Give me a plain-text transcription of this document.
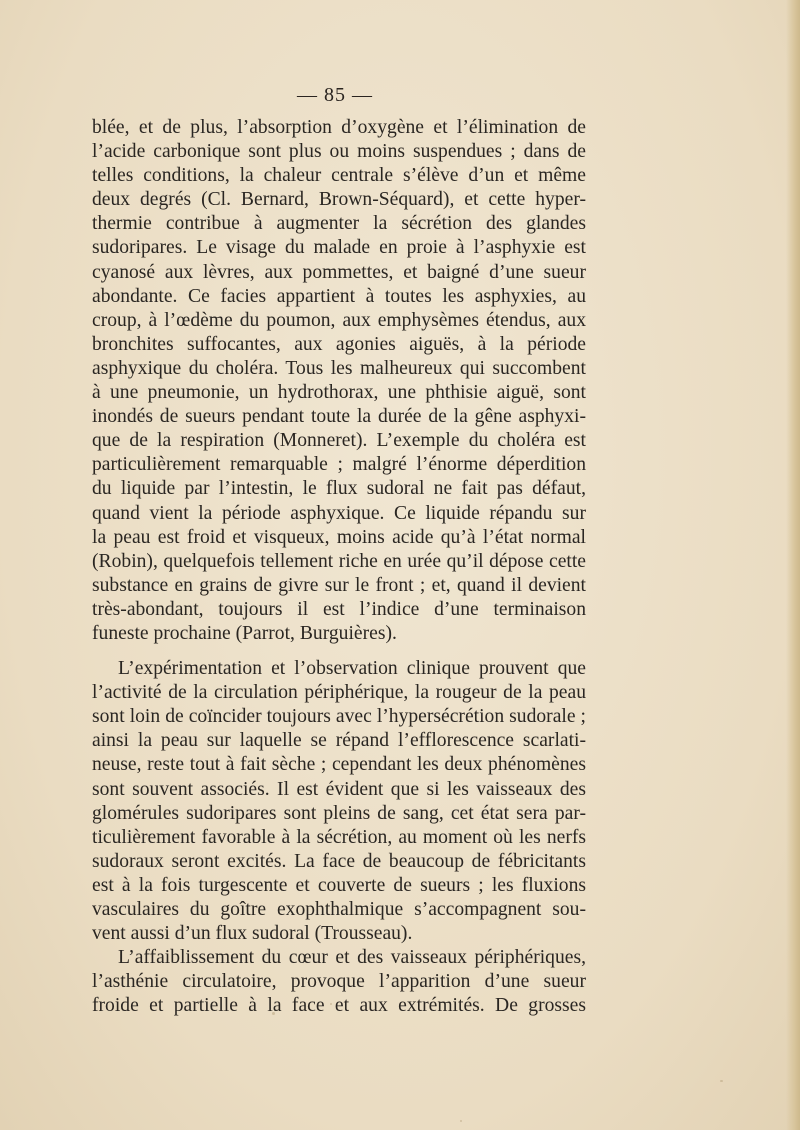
— 85 —
blée, et de plus, l’absorption d’oxygène et l’élimination de
l’acide carbonique sont plus ou moins suspendues ; dans de
telles conditions, la chaleur centrale s’élève d’un et même
deux degrés (Cl. Bernard, Brown-Séquard), et cette hyper-
thermie contribue à augmenter la sécrétion des glandes
sudoripares. Le visage du malade en proie à l’asphyxie est
cyanosé aux lèvres, aux pommettes, et baigné d’une sueur
abondante. Ce facies appartient à toutes les asphyxies, au
croup, à l’œdème du poumon, aux emphysèmes étendus, aux
bronchites suffocantes, aux agonies aiguës, à la période
asphyxique du choléra. Tous les malheureux qui succombent
à une pneumonie, un hydrothorax, une phthisie aiguë, sont
inondés de sueurs pendant toute la durée de la gêne asphyxi-
que de la respiration (Monneret). L’exemple du choléra est
particulièrement remarquable ; malgré l’énorme déperdition
du liquide par l’intestin, le flux sudoral ne fait pas défaut,
quand vient la période asphyxique. Ce liquide répandu sur
la peau est froid et visqueux, moins acide qu’à l’état normal
(Robin), quelquefois tellement riche en urée qu’il dépose cette
substance en grains de givre sur le front ; et, quand il devient
très-abondant, toujours il est l’indice d’une terminaison
funeste prochaine (Parrot, Burguières).
L’expérimentation et l’observation clinique prouvent que
l’activité de la circulation périphérique, la rougeur de la peau
sont loin de coïncider toujours avec l’hypersécrétion sudorale ;
ainsi la peau sur laquelle se répand l’efflorescence scarlati-
neuse, reste tout à fait sèche ; cependant les deux phénomènes
sont souvent associés. Il est évident que si les vaisseaux des
glomérules sudoripares sont pleins de sang, cet état sera par-
ticulièrement favorable à la sécrétion, au moment où les nerfs
sudoraux seront excités. La face de beaucoup de fébricitants
est à la fois turgescente et couverte de sueurs ; les fluxions
vasculaires du goître exophthalmique s’accompagnent sou-
vent aussi d’un flux sudoral (Trousseau).
L’affaiblissement du cœur et des vaisseaux périphériques,
l’asthénie circulatoire, provoque l’apparition d’une sueur
froide et partielle à la face et aux extrémités. De grosses
